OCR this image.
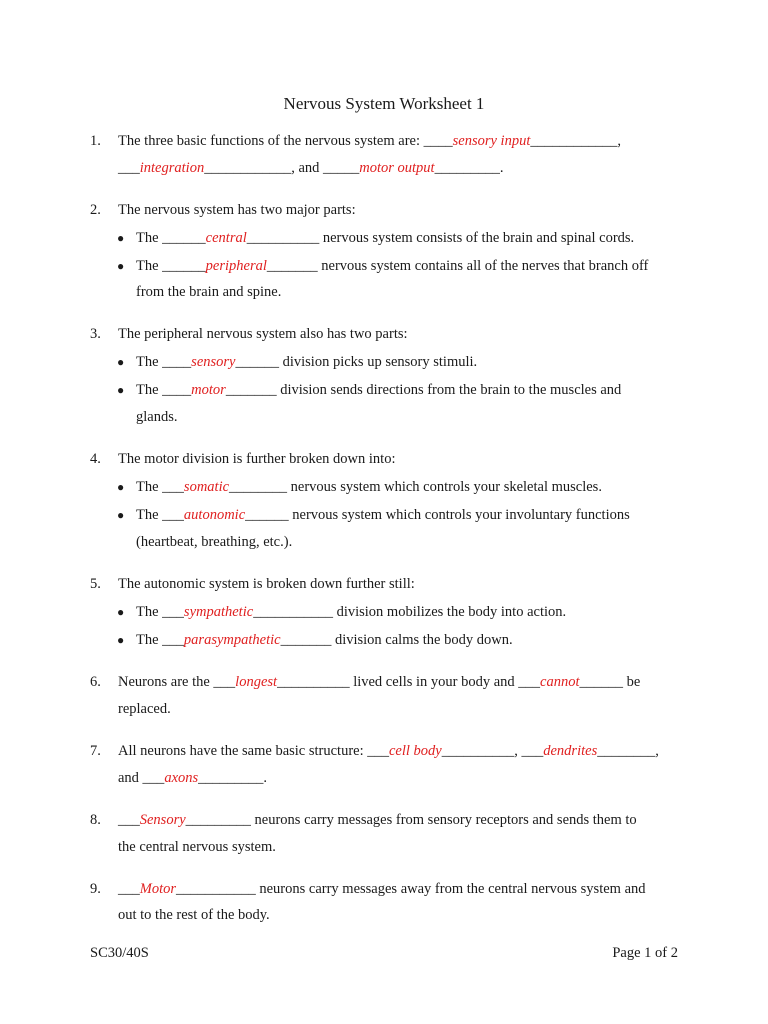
Nervous System Worksheet 1
1. The three basic functions of the nervous system are: ____sensory input____________,
___integration____________, and _____motor output_________.
2. The nervous system has two major parts:
● The ______central__________ nervous system consists of the brain and spinal cords.
● The ______peripheral_______ nervous system contains all of the nerves that branch off
from the brain and spine.
3. The peripheral nervous system also has two parts:
● The ____sensory______ division picks up sensory stimuli.
● The ____motor_______ division sends directions from the brain to the muscles and
glands.
4. The motor division is further broken down into:
● The ___somatic________ nervous system which controls your skeletal muscles.
● The ___autonomic______ nervous system which controls your involuntary functions
(heartbeat, breathing, etc.).
5. The autonomic system is broken down further still:
● The ___sympathetic___________ division mobilizes the body into action.
● The ___parasympathetic_______ division calms the body down.
6. Neurons are the ___longest__________ lived cells in your body and ___cannot______ be
replaced.
7. All neurons have the same basic structure: ___cell body__________, ___dendrites________,
and ___axons_________.
8. ___Sensory_________ neurons carry messages from sensory receptors and sends them to
the central nervous system.
9. ___Motor___________ neurons carry messages away from the central nervous system and
out to the rest of the body.
SC30/40S	Page 1 of 2
